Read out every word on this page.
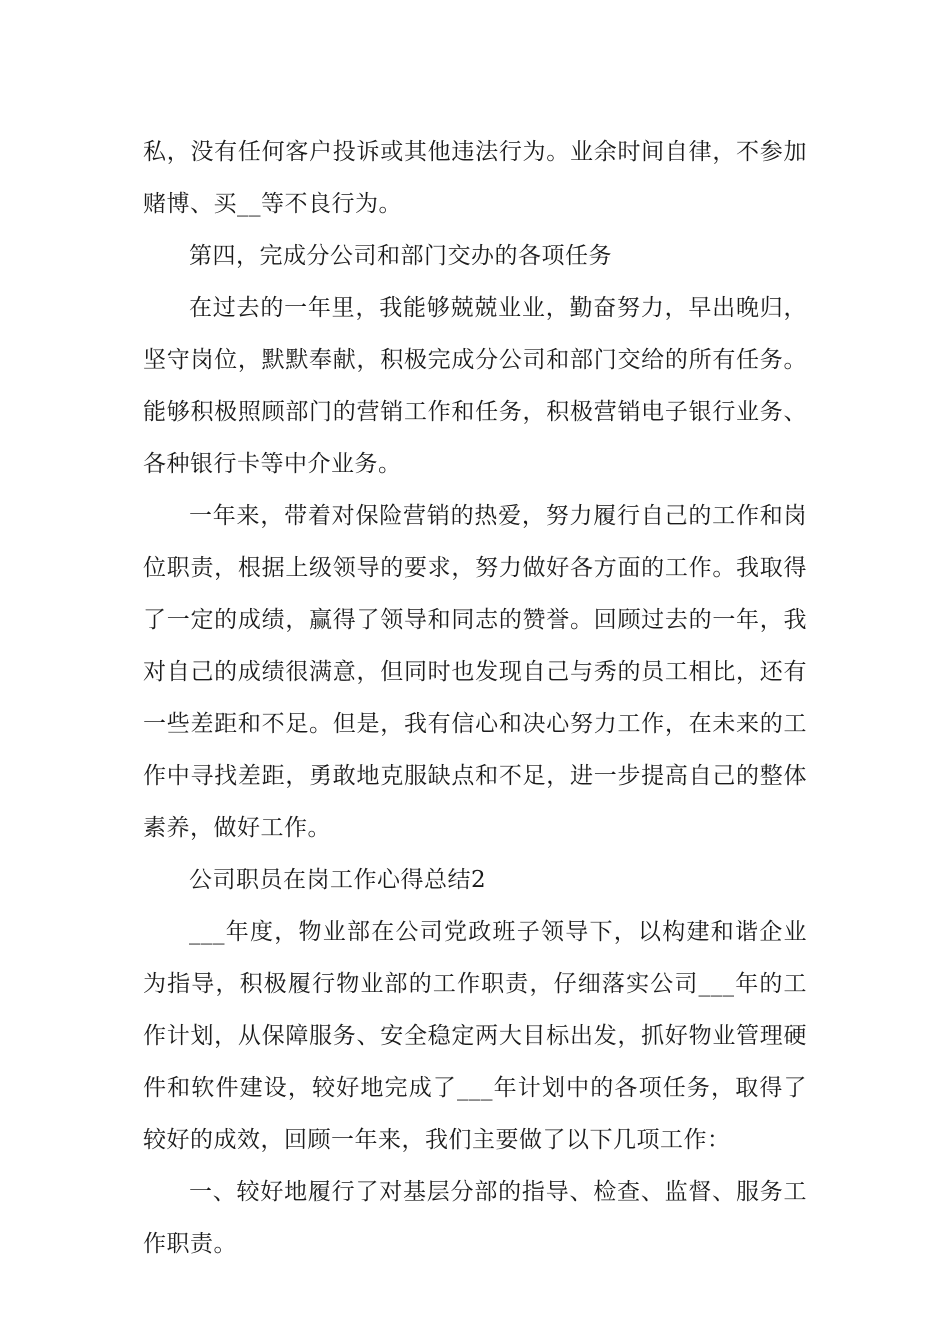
私，没有任何客户投诉或其他违法行为。业余时间自律，不参加赌博、买__等不良行为。

第四，完成分公司和部门交办的各项任务

在过去的一年里，我能够兢兢业业，勤奋努力，早出晚归，坚守岗位，默默奉献，积极完成分公司和部门交给的所有任务。能够积极照顾部门的营销工作和任务，积极营销电子银行业务、各种银行卡等中介业务。

一年来，带着对保险营销的热爱，努力履行自己的工作和岗位职责，根据上级领导的要求，努力做好各方面的工作。我取得了一定的成绩，赢得了领导和同志的赞誉。回顾过去的一年，我对自己的成绩很满意，但同时也发现自己与秀的员工相比，还有一些差距和不足。但是，我有信心和决心努力工作，在未来的工作中寻找差距，勇敢地克服缺点和不足，进一步提高自己的整体素养，做好工作。

公司职员在岗工作心得总结2

___年度，物业部在公司党政班子领导下，以构建和谐企业为指导，积极履行物业部的工作职责，仔细落实公司___年的工作计划，从保障服务、安全稳定两大目标出发，抓好物业管理硬件和软件建设，较好地完成了___年计划中的各项任务，取得了较好的成效，回顾一年来，我们主要做了以下几项工作：

一、较好地履行了对基层分部的指导、检查、监督、服务工作职责。
